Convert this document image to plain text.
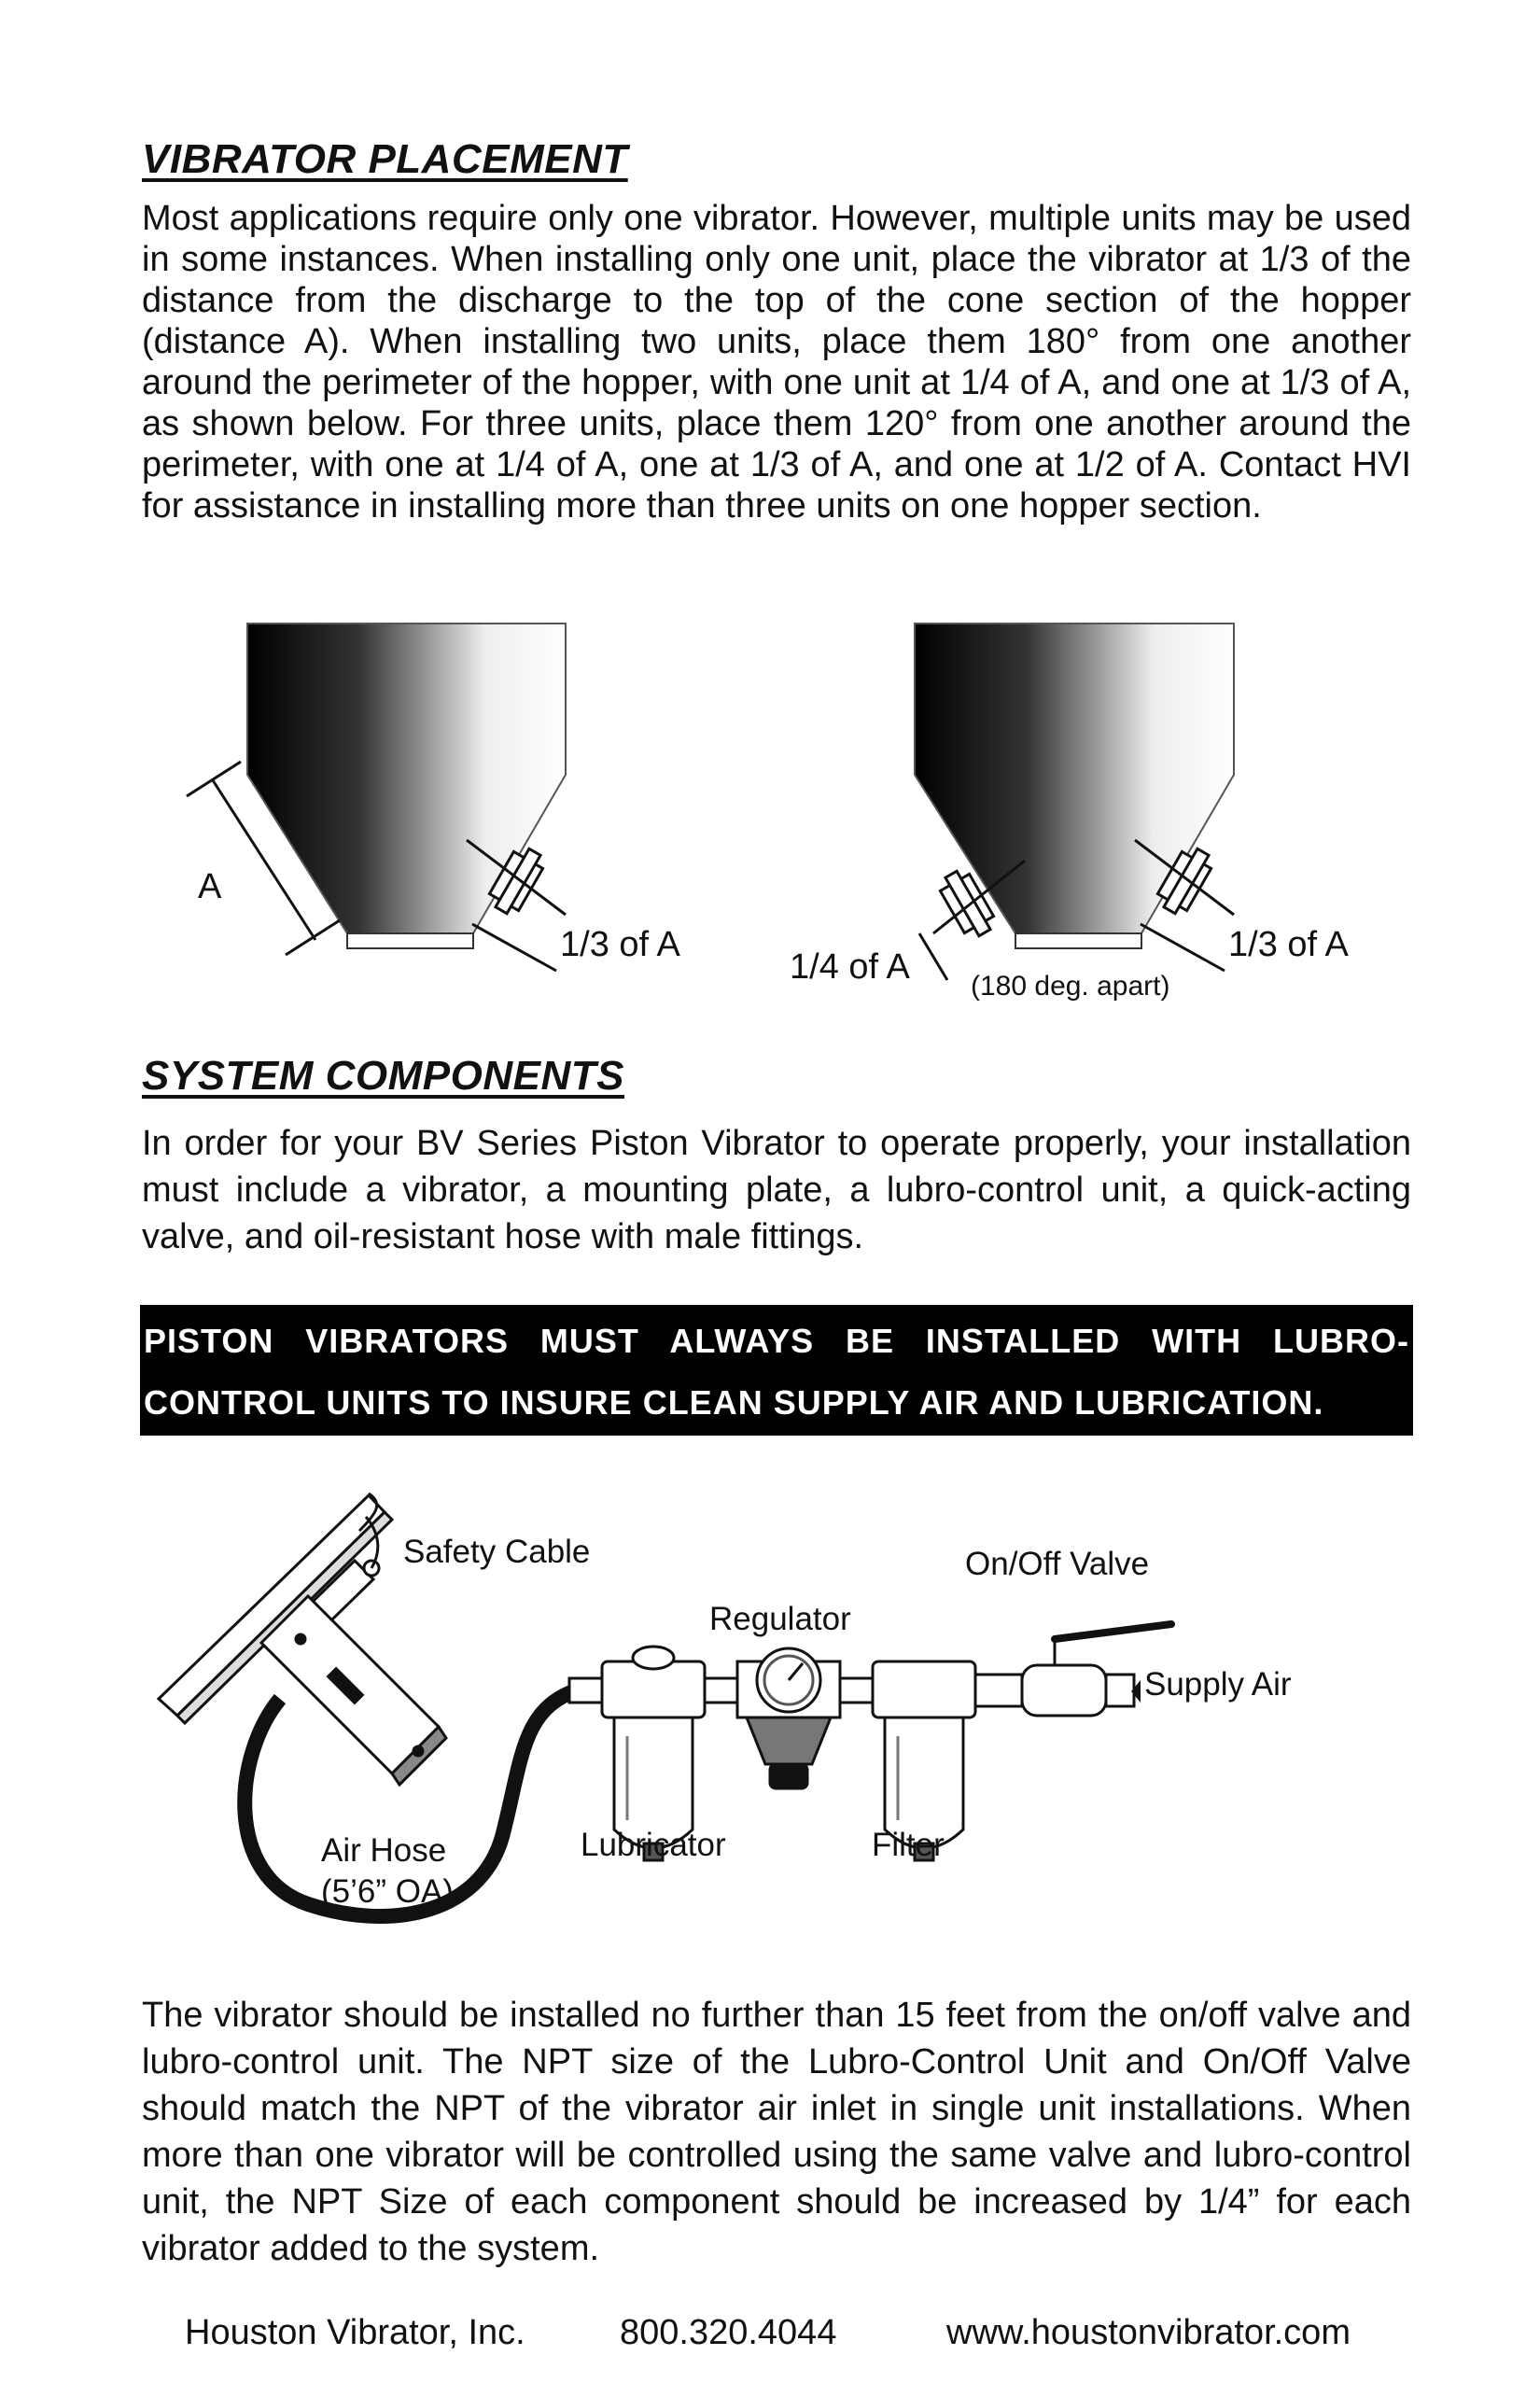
VIBRATOR PLACEMENT

Most applications require only one vibrator. However, multiple units may be used in some instances. When installing only one unit, place the vibrator at 1/3 of the distance from the discharge to the top of the cone section of the hopper (distance A). When installing two units, place them 180° from one another around the perimeter of the hopper, with one unit at 1/4 of A, and one at 1/3 of A, as shown below. For three units, place them 120° from one another around the perimeter, with one at 1/4 of A, one at 1/3 of A, and one at 1/2 of A. Contact HVI for assistance in installing more than three units on one hopper section.

A
1/3 of A
1/4 of A
1/3 of A
(180 deg. apart)
SYSTEM COMPONENTS

In order for your BV Series Piston Vibrator to operate properly, your installation must include a vibrator, a mounting plate, a lubro-control unit, a quick-acting valve, and oil-resistant hose with male fittings.

PISTON VIBRATORS MUST ALWAYS BE INSTALLED WITH LUBRO-CONTROL UNITS TO INSURE CLEAN SUPPLY AIR AND LUBRICATION.
Safety Cable	On/Off Valve
Regulator
Supply Air
Air Hose
(5’6” OA)
Lubricator	Filter

The vibrator should be installed no further than 15 feet from the on/off valve and lubro-control unit. The NPT size of the Lubro-Control Unit and On/Off Valve should match the NPT of the vibrator air inlet in single unit installations. When more than one vibrator will be controlled using the same valve and lubro-control unit, the NPT Size of each component should be increased by 1/4” for each vibrator added to the system.

Houston Vibrator, Inc.	800.320.4044	www.houstonvibrator.com
